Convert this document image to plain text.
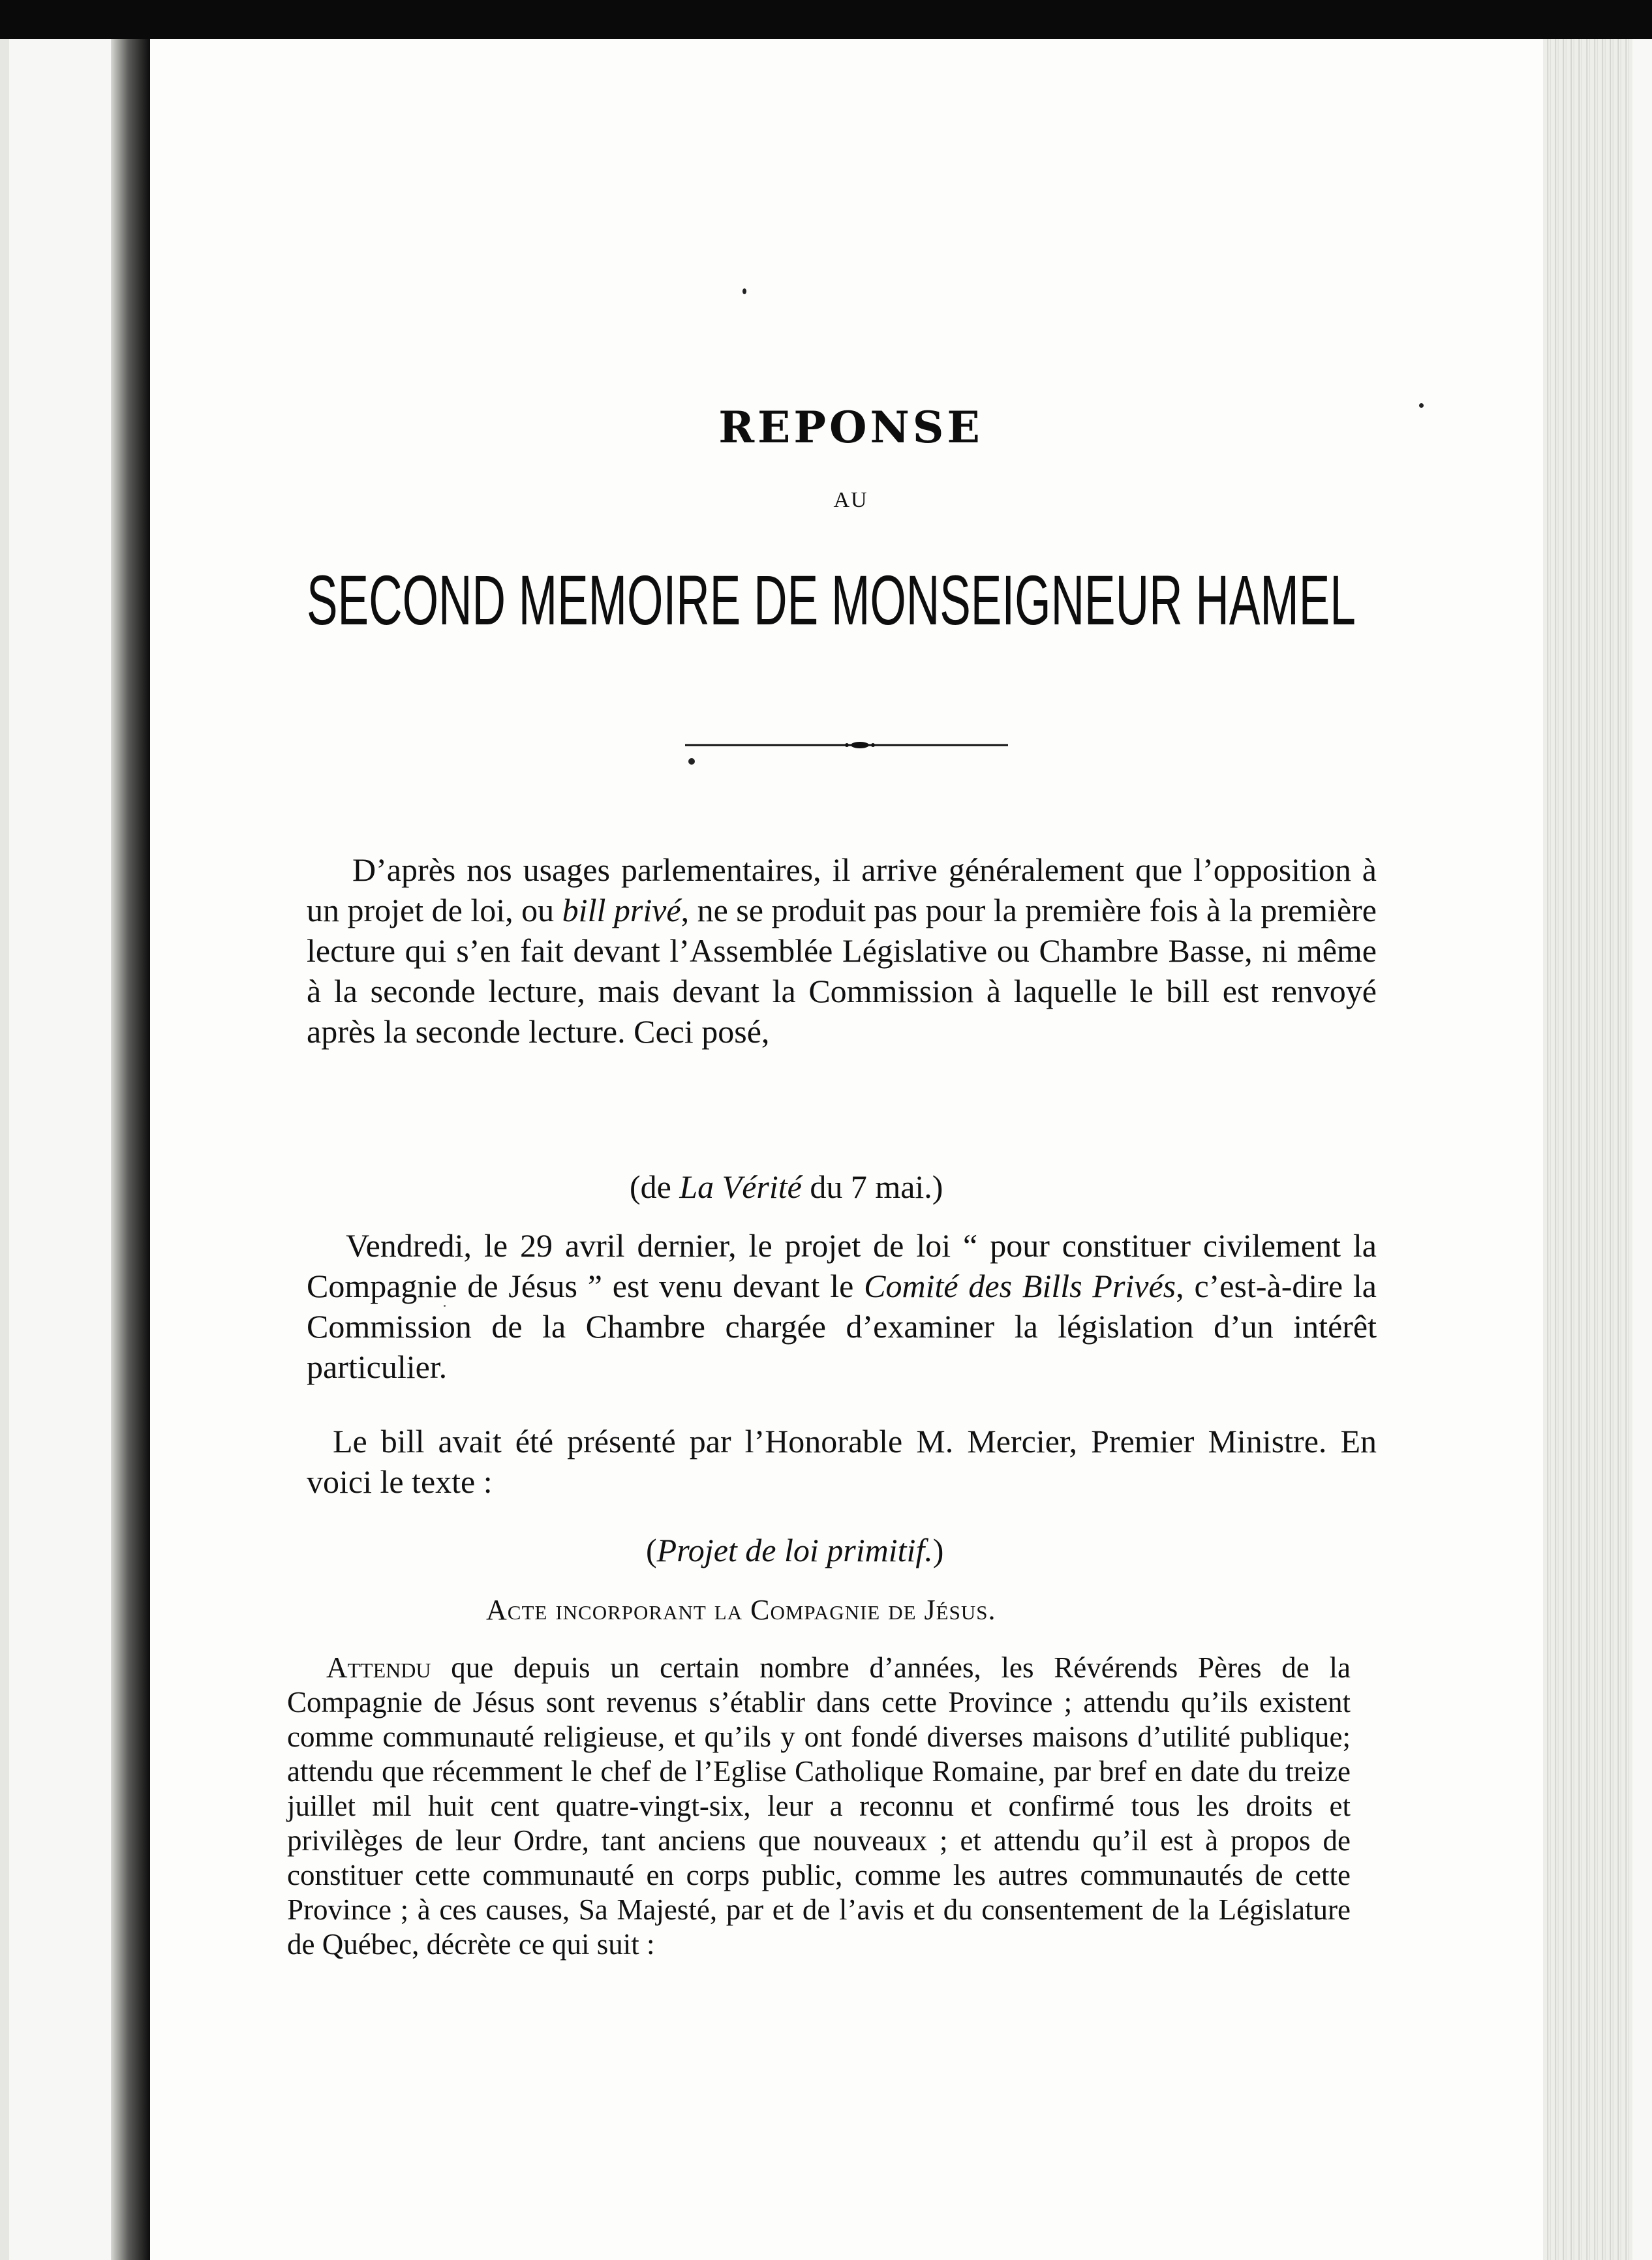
REPONSE
AU
SECOND MEMOIRE DE MONSEIGNEUR HAMEL
D’après nos usages parlementaires, il arrive généralement que l’opposition à un projet de loi, ou bill privé, ne se produit pas pour la première fois à la première lecture qui s’en fait devant l’Assemblée Législative ou Chambre Basse, ni même à la seconde lecture, mais devant la Commission à laquelle le bill est renvoyé après la seconde lecture. Ceci posé,
(de La Vérité du 7 mai.)
Vendredi, le 29 avril dernier, le projet de loi “ pour constituer civilement la Compagnie de Jésus ” est venu devant le Comité des Bills Privés, c’est-à-dire la Commission de la Chambre chargée d’examiner la législation d’un intérêt particulier.
Le bill avait été présenté par l’Honorable M. Mercier, Premier Ministre. En voici le texte :
(Projet de loi primitif.)
Acte incorporant la Compagnie de Jésus.
Attendu que depuis un certain nombre d’années, les Révérends Pères de la Compagnie de Jésus sont revenus s’établir dans cette Province ; attendu qu’ils existent comme communauté religieuse, et qu’ils y ont fondé diverses maisons d’utilité publique; attendu que récemment le chef de l’Eglise Catholique Romaine, par bref en date du treize juillet mil huit cent quatre-vingt-six, leur a reconnu et confirmé tous les droits et privilèges de leur Ordre, tant anciens que nouveaux ; et attendu qu’il est à propos de constituer cette communauté en corps public, comme les autres communautés de cette Province ; à ces causes, Sa Majesté, par et de l’avis et du consentement de la Législature de Québec, décrète ce qui suit :
